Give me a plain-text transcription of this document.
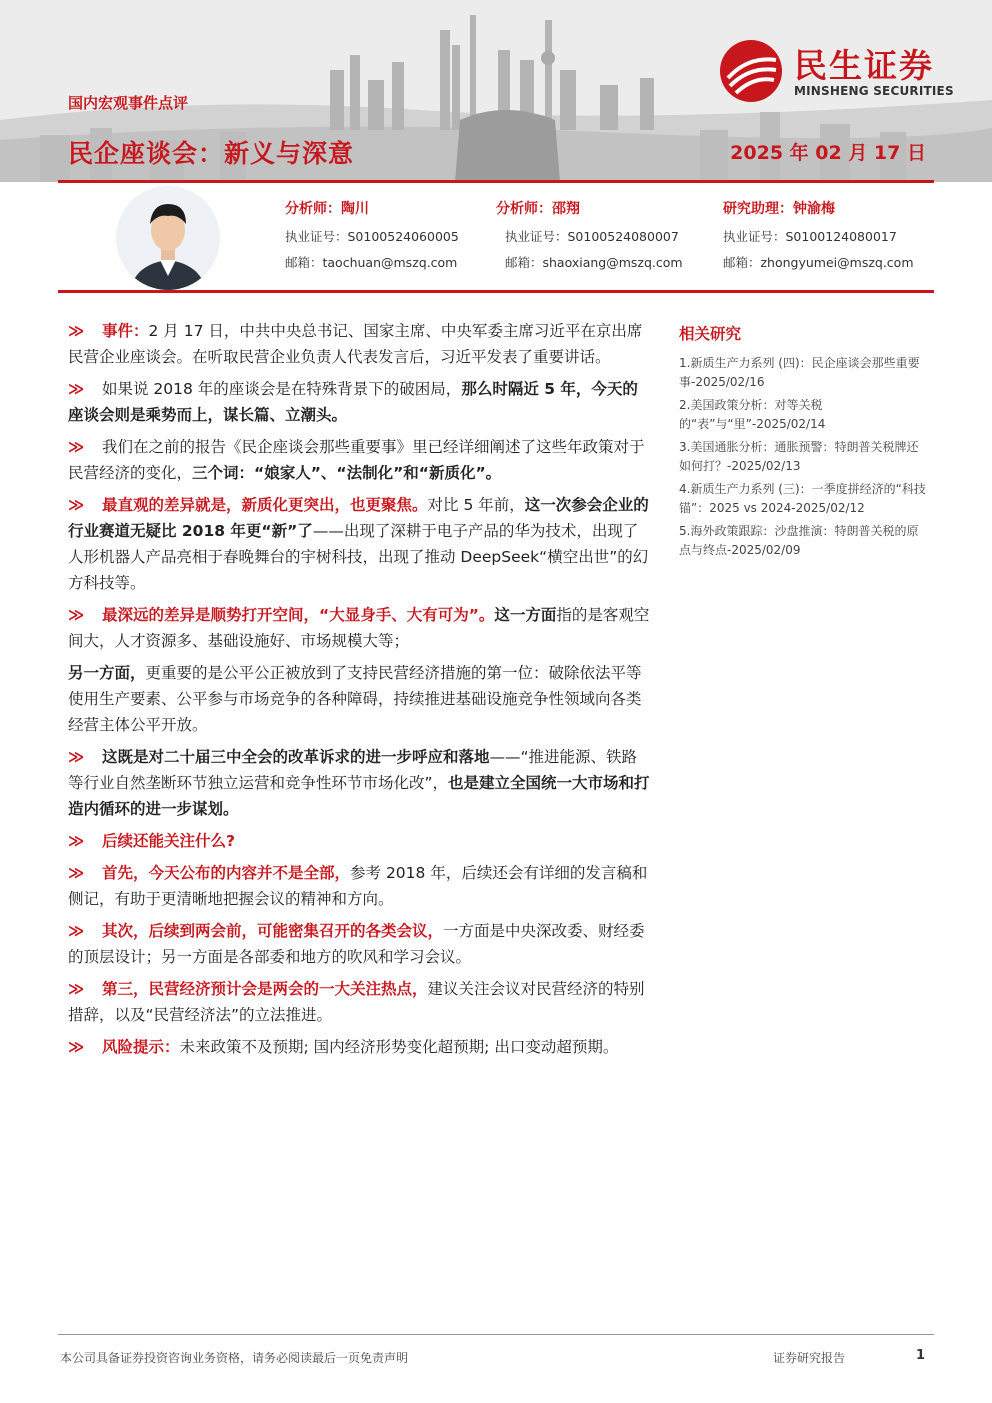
民生证券
MINSHENG SECURITIES
国内宏观事件点评
民企座谈会：新义与深意	2025 年 02 月 17 日
分析师：陶川
执业证号：S0100524060005
邮箱：taochuan@mszq.com
分析师：邵翔
执业证号：S0100524080007
邮箱：shaoxiang@mszq.com
研究助理：钟渝梅
执业证号：S0100124080017
邮箱：zhongyumei@mszq.com

≫ 事件：2 月 17 日，中共中央总书记、国家主席、中央军委主席习近平在京出席民营企业座谈会。在听取民营企业负责人代表发言后，习近平发表了重要讲话。

≫ 如果说 2018 年的座谈会是在特殊背景下的破困局，那么时隔近 5 年，今天的座谈会则是乘势而上，谋长篇、立潮头。

≫ 我们在之前的报告《民企座谈会那些重要事》里已经详细阐述了这些年政策对于民营经济的变化，三个词：“娘家人”、“法制化”和“新质化”。

≫ 最直观的差异就是，新质化更突出，也更聚焦。对比 5 年前，这一次参会企业的行业赛道无疑比 2018 年更“新”了——出现了深耕于电子产品的华为技术，出现了人形机器人产品亮相于春晚舞台的宇树科技，出现了推动 DeepSeek“横空出世”的幻方科技等。

≫ 最深远的差异是顺势打开空间，“大显身手、大有可为”。这一方面指的是客观空间大，人才资源多、基础设施好、市场规模大等；

另一方面，更重要的是公平公正被放到了支持民营经济措施的第一位：破除依法平等使用生产要素、公平参与市场竞争的各种障碍，持续推进基础设施竞争性领域向各类经营主体公平开放。

≫ 这既是对二十届三中全会的改革诉求的进一步呼应和落地——“推进能源、铁路等行业自然垄断环节独立运营和竞争性环节市场化改”，也是建立全国统一大市场和打造内循环的进一步谋划。

≫ 后续还能关注什么?

≫ 首先，今天公布的内容并不是全部，参考 2018 年，后续还会有详细的发言稿和侧记，有助于更清晰地把握会议的精神和方向。

≫ 其次，后续到两会前，可能密集召开的各类会议，一方面是中央深改委、财经委的顶层设计；另一方面是各部委和地方的吹风和学习会议。

≫ 第三，民营经济预计会是两会的一大关注热点，建议关注会议对民营经济的特别措辞，以及“民营经济法”的立法推进。

≫ 风险提示：未来政策不及预期; 国内经济形势变化超预期; 出口变动超预期。

相关研究
1.新质生产力系列 (四)：民企座谈会那些重要事-2025/02/16
2.美国政策分析：对等关税的“表”与“里”-2025/02/14
3.美国通胀分析：通胀预警：特朗普关税牌还如何打？-2025/02/13
4.新质生产力系列 (三)：一季度拼经济的“科技锚”：2025 vs 2024-2025/02/12
5.海外政策跟踪：沙盘推演：特朗普关税的原点与终点-2025/02/09
本公司具备证券投资咨询业务资格，请务必阅读最后一页免责声明	证券研究报告	1
